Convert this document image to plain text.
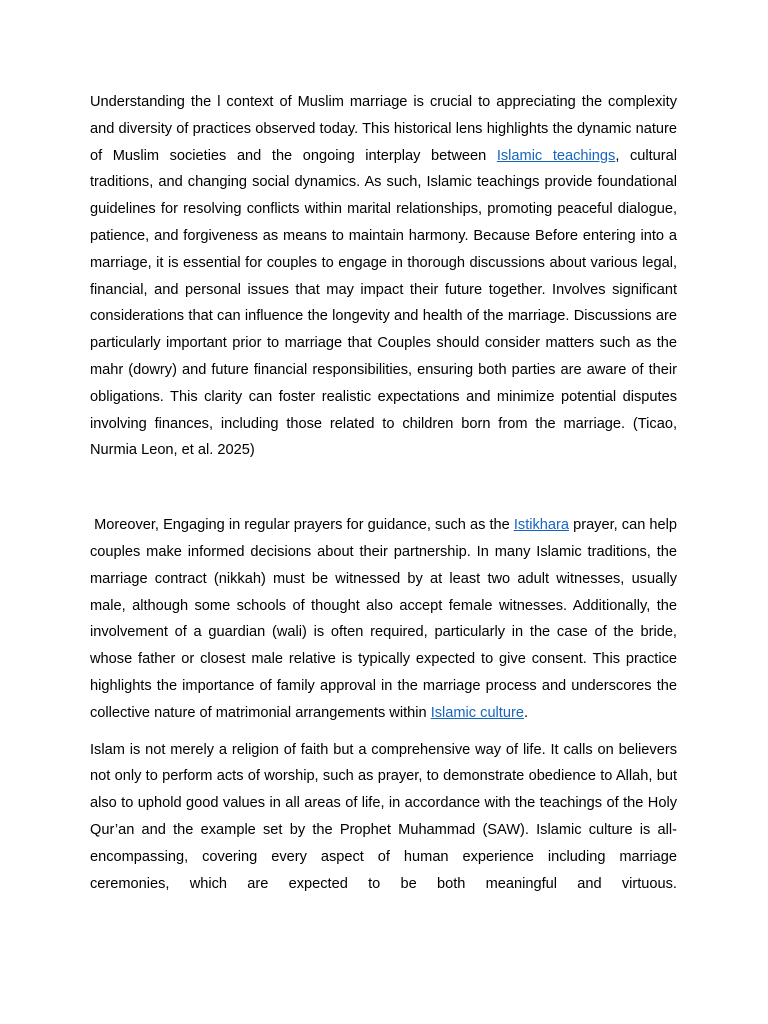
Understanding the l context of Muslim marriage is crucial to appreciating the complexity and diversity of practices observed today. This historical lens highlights the dynamic nature of Muslim societies and the ongoing interplay between Islamic teachings, cultural traditions, and changing social dynamics. As such, Islamic teachings provide foundational guidelines for resolving conflicts within marital relationships, promoting peaceful dialogue, patience, and forgiveness as means to maintain harmony. Because Before entering into a marriage, it is essential for couples to engage in thorough discussions about various legal, financial, and personal issues that may impact their future together. Involves significant considerations that can influence the longevity and health of the marriage. Discussions are particularly important prior to marriage that Couples should consider matters such as the mahr (dowry) and future financial responsibilities, ensuring both parties are aware of their obligations. This clarity can foster realistic expectations and minimize potential disputes involving finances, including those related to children born from the marriage. (Ticao, Nurmia Leon, et al. 2025)

Moreover, Engaging in regular prayers for guidance, such as the Istikhara prayer, can help couples make informed decisions about their partnership. In many Islamic traditions, the marriage contract (nikkah) must be witnessed by at least two adult witnesses, usually male, although some schools of thought also accept female witnesses. Additionally, the involvement of a guardian (wali) is often required, particularly in the case of the bride, whose father or closest male relative is typically expected to give consent. This practice highlights the importance of family approval in the marriage process and underscores the collective nature of matrimonial arrangements within Islamic culture.

Islam is not merely a religion of faith but a comprehensive way of life. It calls on believers not only to perform acts of worship, such as prayer, to demonstrate obedience to Allah, but also to uphold good values in all areas of life, in accordance with the teachings of the Holy Qur’an and the example set by the Prophet Muhammad (SAW). Islamic culture is all-encompassing, covering every aspect of human experience including marriage ceremonies, which are expected to be both meaningful and virtuous.
